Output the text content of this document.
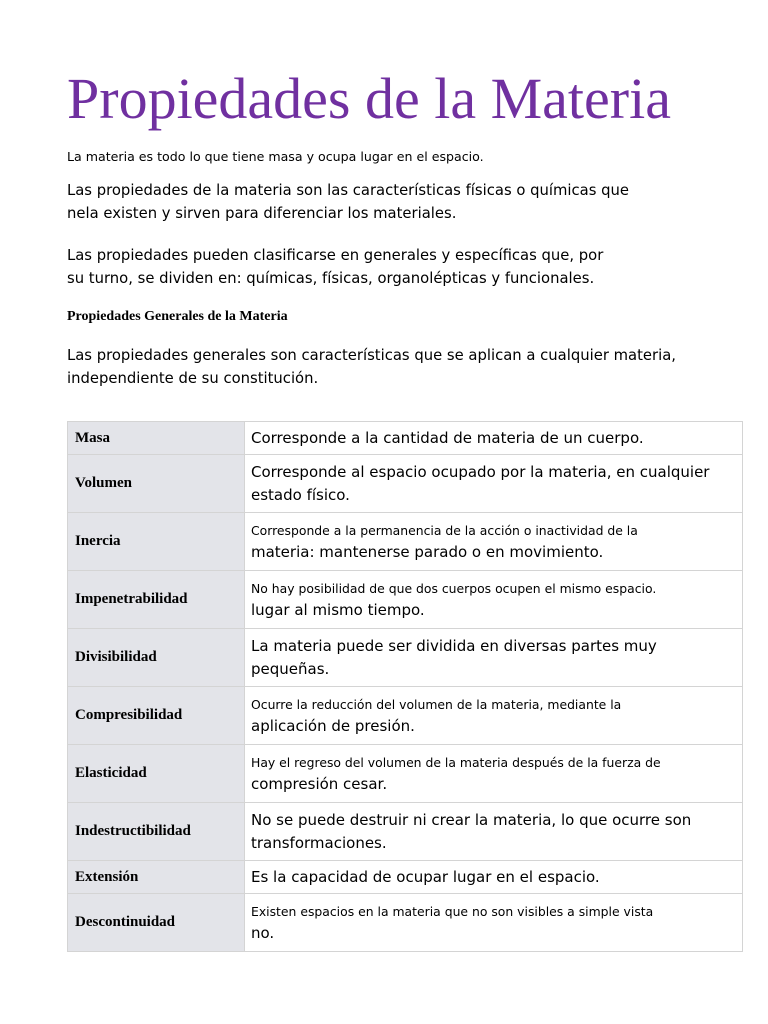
Propiedades de la Materia

La materia es todo lo que tiene masa y ocupa lugar en el espacio.

Las propiedades de la materia son las características físicas o químicas que
nela existen y sirven para diferenciar los materiales.

Las propiedades pueden clasificarse en generales y específicas que, por
su turno, se dividen en: químicas, físicas, organolépticas y funcionales.

Propiedades Generales de la Materia

Las propiedades generales son características que se aplican a cualquier materia,
independiente de su constitución.

Masa	Corresponde a la cantidad de materia de un cuerpo.

Volumen	Corresponde al espacio ocupado por la materia, en cualquier estado físico.

Inercia	Corresponde a la permanencia de la acción o inactividad de la
materia: mantenerse parado o en movimiento.

Impenetrabilidad	No hay posibilidad de que dos cuerpos ocupen el mismo espacio.
lugar al mismo tiempo.

Divisibilidad	La materia puede ser dividida en diversas partes muy pequeñas.

Compresibilidad	Ocurre la reducción del volumen de la materia, mediante la
aplicación de presión.

Elasticidad	Hay el regreso del volumen de la materia después de la fuerza de
compresión cesar.

Indestructibilidad	No se puede destruir ni crear la materia, lo que ocurre son transformaciones.

Extensión	Es la capacidad de ocupar lugar en el espacio.

Descontinuidad	Existen espacios en la materia que no son visibles a simple vista
no.
